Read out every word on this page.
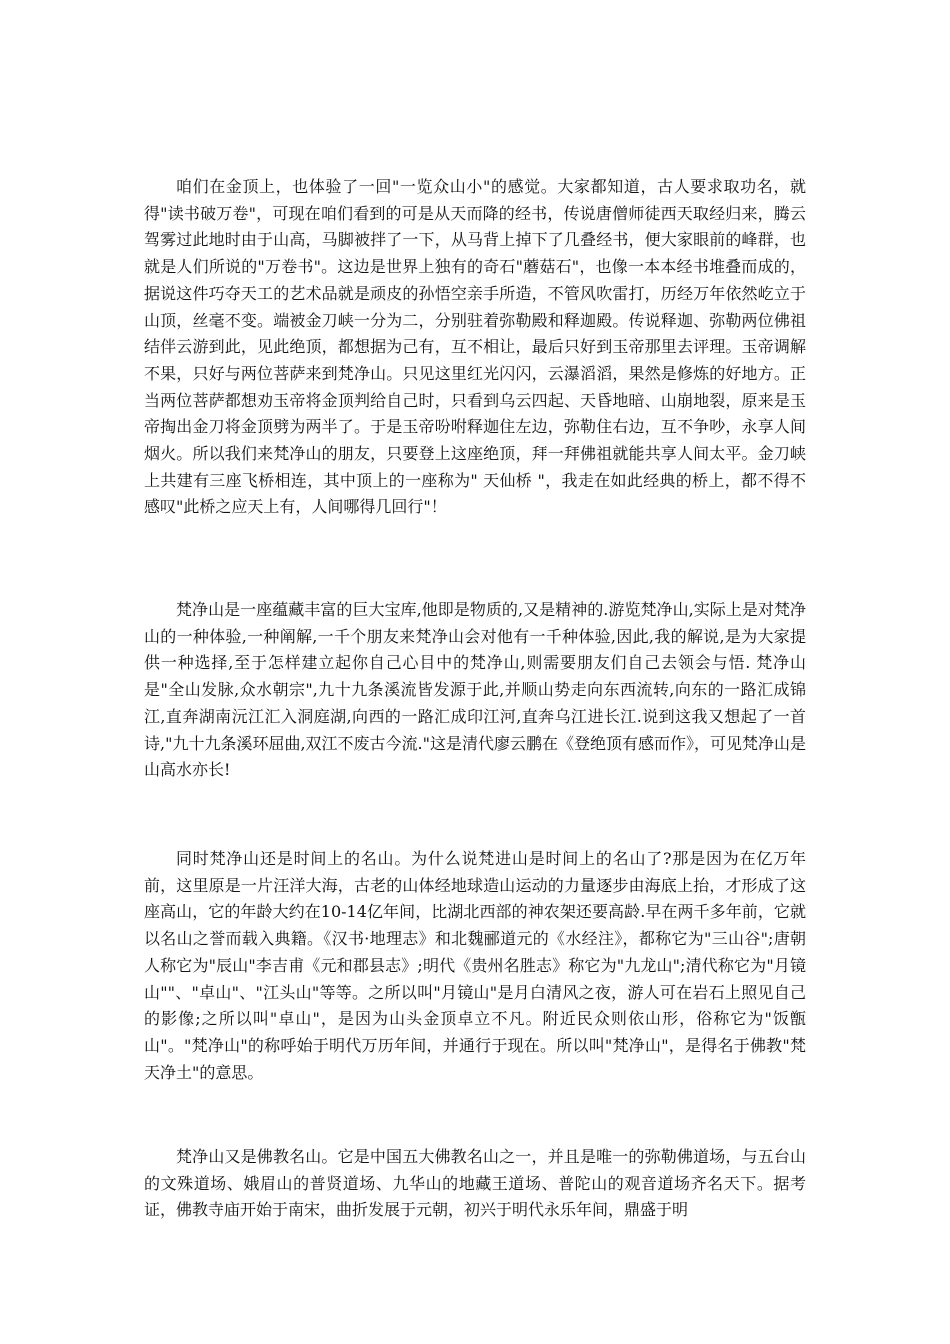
咱们在金顶上，也体验了一回"一览众山小"的感觉。大家都知道，古人要求取功名，就得"读书破万卷"，可现在咱们看到的可是从天而降的经书，传说唐僧师徒西天取经归来，腾云驾雾过此地时由于山高，马脚被拌了一下，从马背上掉下了几叠经书，便大家眼前的峰群，也就是人们所说的"万卷书"。这边是世界上独有的奇石"蘑菇石"，也像一本本经书堆叠而成的，据说这件巧夺天工的艺术品就是顽皮的孙悟空亲手所造，不管风吹雷打，历经万年依然屹立于山顶，丝毫不变。端被金刀峡一分为二，分别驻着弥勒殿和释迦殿。传说释迦、弥勒两位佛祖结伴云游到此，见此绝顶，都想据为己有，互不相让，最后只好到玉帝那里去评理。玉帝调解不果，只好与两位菩萨来到梵净山。只见这里红光闪闪，云瀑滔滔，果然是修炼的好地方。正当两位菩萨都想劝玉帝将金顶判给自己时，只看到乌云四起、天昏地暗、山崩地裂，原来是玉帝掏出金刀将金顶劈为两半了。于是玉帝吩咐释迦住左边，弥勒住右边，互不争吵，永享人间烟火。所以我们来梵净山的朋友，只要登上这座绝顶，拜一拜佛祖就能共享人间太平。金刀峡上共建有三座飞桥相连，其中顶上的一座称为" 天仙桥 "，我走在如此经典的桥上，都不得不感叹"此桥之应天上有，人间哪得几回行"！

梵净山是一座蕴藏丰富的巨大宝库,他即是物质的,又是精神的.游览梵净山,实际上是对梵净山的一种体验,一种阐解,一千个朋友来梵净山会对他有一千种体验,因此,我的解说,是为大家提供一种选择,至于怎样建立起你自己心目中的梵净山,则需要朋友们自己去领会与悟. 梵净山是"全山发脉,众水朝宗",九十九条溪流皆发源于此,并顺山势走向东西流转,向东的一路汇成锦江,直奔湖南沅江汇入洞庭湖,向西的一路汇成印江河,直奔乌江进长江.说到这我又想起了一首诗,"九十九条溪环屈曲,双江不废古今流."这是清代廖云鹏在《登绝顶有感而作》，可见梵净山是山高水亦长!

同时梵净山还是时间上的名山。为什么说梵进山是时间上的名山了?那是因为在亿万年前，这里原是一片汪洋大海，古老的山体经地球造山运动的力量逐步由海底上抬，才形成了这座高山，它的年龄大约在10-14亿年间，比湖北西部的神农架还要高龄.早在两千多年前，它就以名山之誉而载入典籍。《汉书·地理志》和北魏郦道元的《水经注》，都称它为"三山谷";唐朝人称它为"辰山"李吉甫《元和郡县志》;明代《贵州名胜志》称它为"九龙山";清代称它为"月镜山""、"卓山"、"江头山"等等。之所以叫"月镜山"是月白清风之夜，游人可在岩石上照见自己的影像;之所以叫"卓山"，是因为山头金顶卓立不凡。附近民众则依山形，俗称它为"饭甑山"。"梵净山"的称呼始于明代万历年间，并通行于现在。所以叫"梵净山"，是得名于佛教"梵天净土"的意思。

梵净山又是佛教名山。它是中国五大佛教名山之一，并且是唯一的弥勒佛道场，与五台山的文殊道场、娥眉山的普贤道场、九华山的地藏王道场、普陀山的观音道场齐名天下。据考证，佛教寺庙开始于南宋，曲折发展于元朝，初兴于明代永乐年间，鼎盛于明
